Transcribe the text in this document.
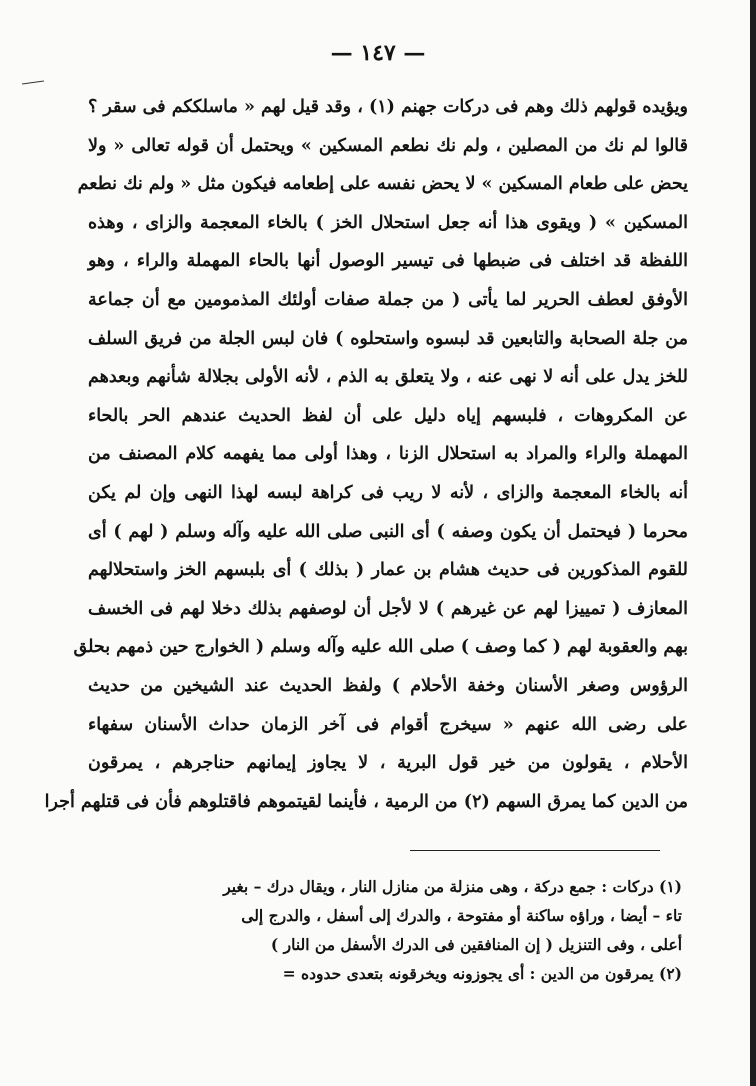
— ١٤٧ —
ويؤيده قولهم ذلك وهم فى دركات جهنم (١) ، وقد قيل لهم « ماسلككم فى سقر ؟
قالوا لم نك من المصلين ، ولم نك نطعم المسكين » ويحتمل أن قوله تعالى « ولا
يحض على طعام المسكين » لا يحض نفسه على إطعامه فيكون مثل « ولم نك نطعم
المسكين » ( ويقوى هذا أنه جعل استحلال الخز ) بالخاء المعجمة والزاى ، وهذه
اللفظة قد اختلف فى ضبطها فى تيسير الوصول أنها بالحاء المهملة والراء ، وهو
الأوفق لعطف الحرير لما يأتى ( من جملة صفات أولئك المذمومين مع أن جماعة
من جلة الصحابة والتابعين قد لبسوه واستحلوه ) فان لبس الجلة من فريق السلف
للخز يدل على أنه لا نهى عنه ، ولا يتعلق به الذم ، لأنه الأولى بجلالة شأنهم وبعدهم
عن المكروهات ، فلبسهم إياه دليل على أن لفظ الحديث عندهم الحر بالحاء
المهملة والراء والمراد به استحلال الزنا ، وهذا أولى مما يفهمه كلام المصنف من
أنه بالخاء المعجمة والزاى ، لأنه لا ريب فى كراهة لبسه لهذا النهى وإن لم يكن
محرما ( فيحتمل أن يكون وصفه ) أى النبى صلى الله عليه وآله وسلم ( لهم ) أى
للقوم المذكورين فى حديث هشام بن عمار ( بذلك ) أى بلبسهم الخز واستحلالهم
المعازف ( تمييزا لهم عن غيرهم ) لا لأجل أن لوصفهم بذلك دخلا لهم فى الخسف
بهم والعقوبة لهم ( كما وصف ) صلى الله عليه وآله وسلم ( الخوارج حين ذمهم بحلق
الرؤوس وصغر الأسنان وخفة الأحلام ) ولفظ الحديث عند الشيخين من حديث
على رضى الله عنهم « سيخرج أقوام فى آخر الزمان حداث الأسنان سفهاء
الأحلام ، يقولون من خير قول البرية ، لا يجاوز إيمانهم حناجرهم ، يمرقون
من الدين كما يمرق السهم (٢) من الرمية ، فأينما لقيتموهم فاقتلوهم فأن فى قتلهم أجرا
(١) دركات : جمع دركة ، وهى منزلة من منازل النار ، ويقال درك – بغير
تاء – أيضا ، وراؤه ساكنة أو مفتوحة ، والدرك إلى أسفل ، والدرج إلى
أعلى ، وفى التنزيل ( إن المنافقين فى الدرك الأسفل من النار )
(٢) يمرقون من الدين : أى يجوزونه ويخرقونه بتعدى حدوده =
